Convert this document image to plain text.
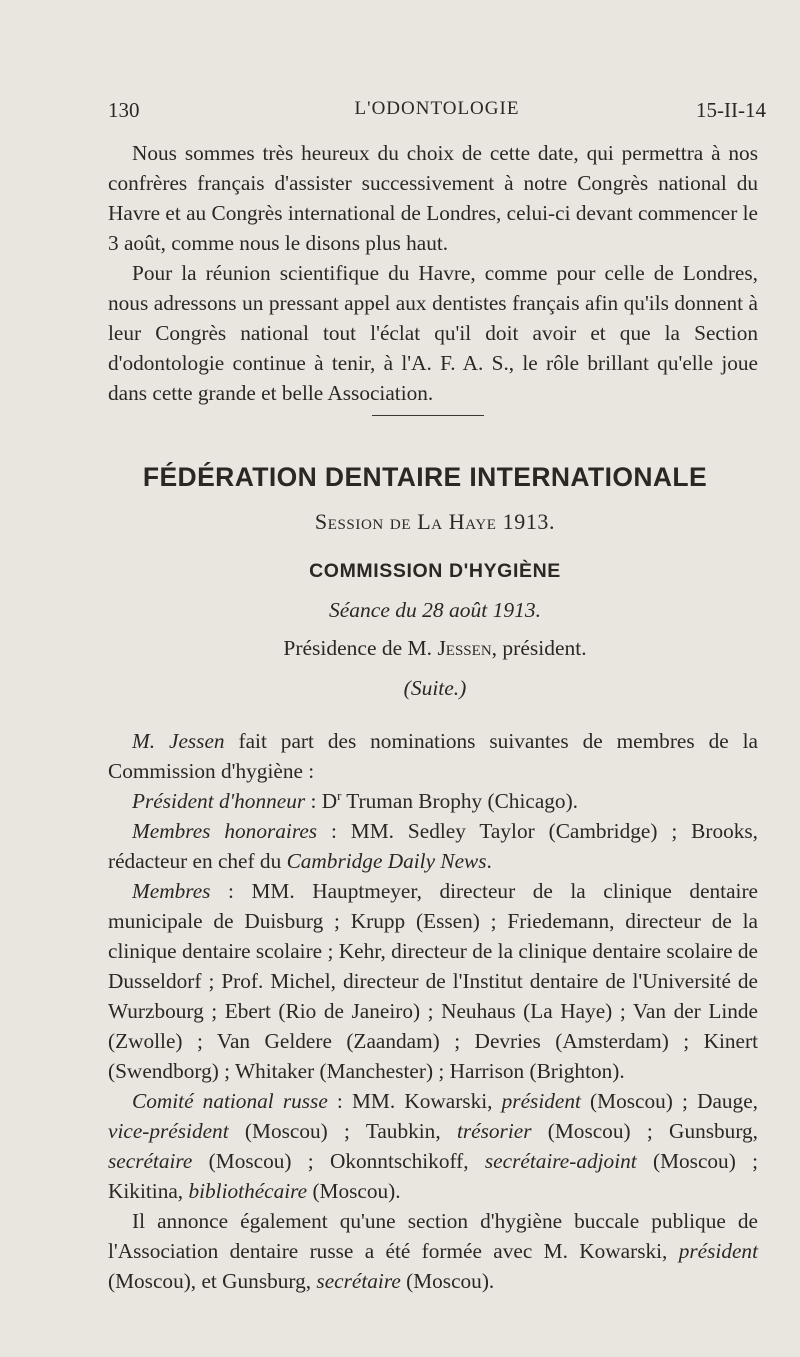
130	L'ODONTOLOGIE	15-II-14

Nous sommes très heureux du choix de cette date, qui permettra à nos confrères français d'assister successivement à notre Congrès national du Havre et au Congrès international de Londres, celui-ci devant commencer le 3 août, comme nous le disons plus haut.

Pour la réunion scientifique du Havre, comme pour celle de Londres, nous adressons un pressant appel aux dentistes français afin qu'ils donnent à leur Congrès national tout l'éclat qu'il doit avoir et que la Section d'odontologie continue à tenir, à l'A. F. A. S., le rôle brillant qu'elle joue dans cette grande et belle Association.

FÉDÉRATION DENTAIRE INTERNATIONALE
Session de La Haye 1913.
COMMISSION D'HYGIÈNE
Séance du 28 août 1913.
Présidence de M. Jessen, président.
(Suite.)

M. Jessen fait part des nominations suivantes de membres de la Commission d'hygiène :

Président d'honneur : $D^r$ Truman Brophy (Chicago).

Membres honoraires : MM. Sedley Taylor (Cambridge) ; Brooks, rédacteur en chef du Cambridge Daily News.

Membres : MM. Hauptmeyer, directeur de la clinique dentaire municipale de Duisburg ; Krupp (Essen) ; Friedemann, directeur de la clinique dentaire scolaire ; Kehr, directeur de la clinique dentaire scolaire de Dusseldorf ; Prof. Michel, directeur de l'Institut dentaire de l'Université de Wurzbourg ; Ebert (Rio de Janeiro) ; Neuhaus (La Haye) ; Van der Linde (Zwolle) ; Van Geldere (Zaandam) ; Devries (Amsterdam) ; Kinert (Swendborg) ; Whitaker (Manchester) ; Harrison (Brighton).

Comité national russe : MM. Kowarski, président (Moscou) ; Dauge, vice-président (Moscou) ; Taubkin, trésorier (Moscou) ; Gunsburg, secrétaire (Moscou) ; Okonntschikoff, secrétaire-adjoint (Moscou) ; Kikitina, bibliothécaire (Moscou).

Il annonce également qu'une section d'hygiène buccale publique de l'Association dentaire russe a été formée avec M. Kowarski, président (Moscou), et Gunsburg, secrétaire (Moscou).
